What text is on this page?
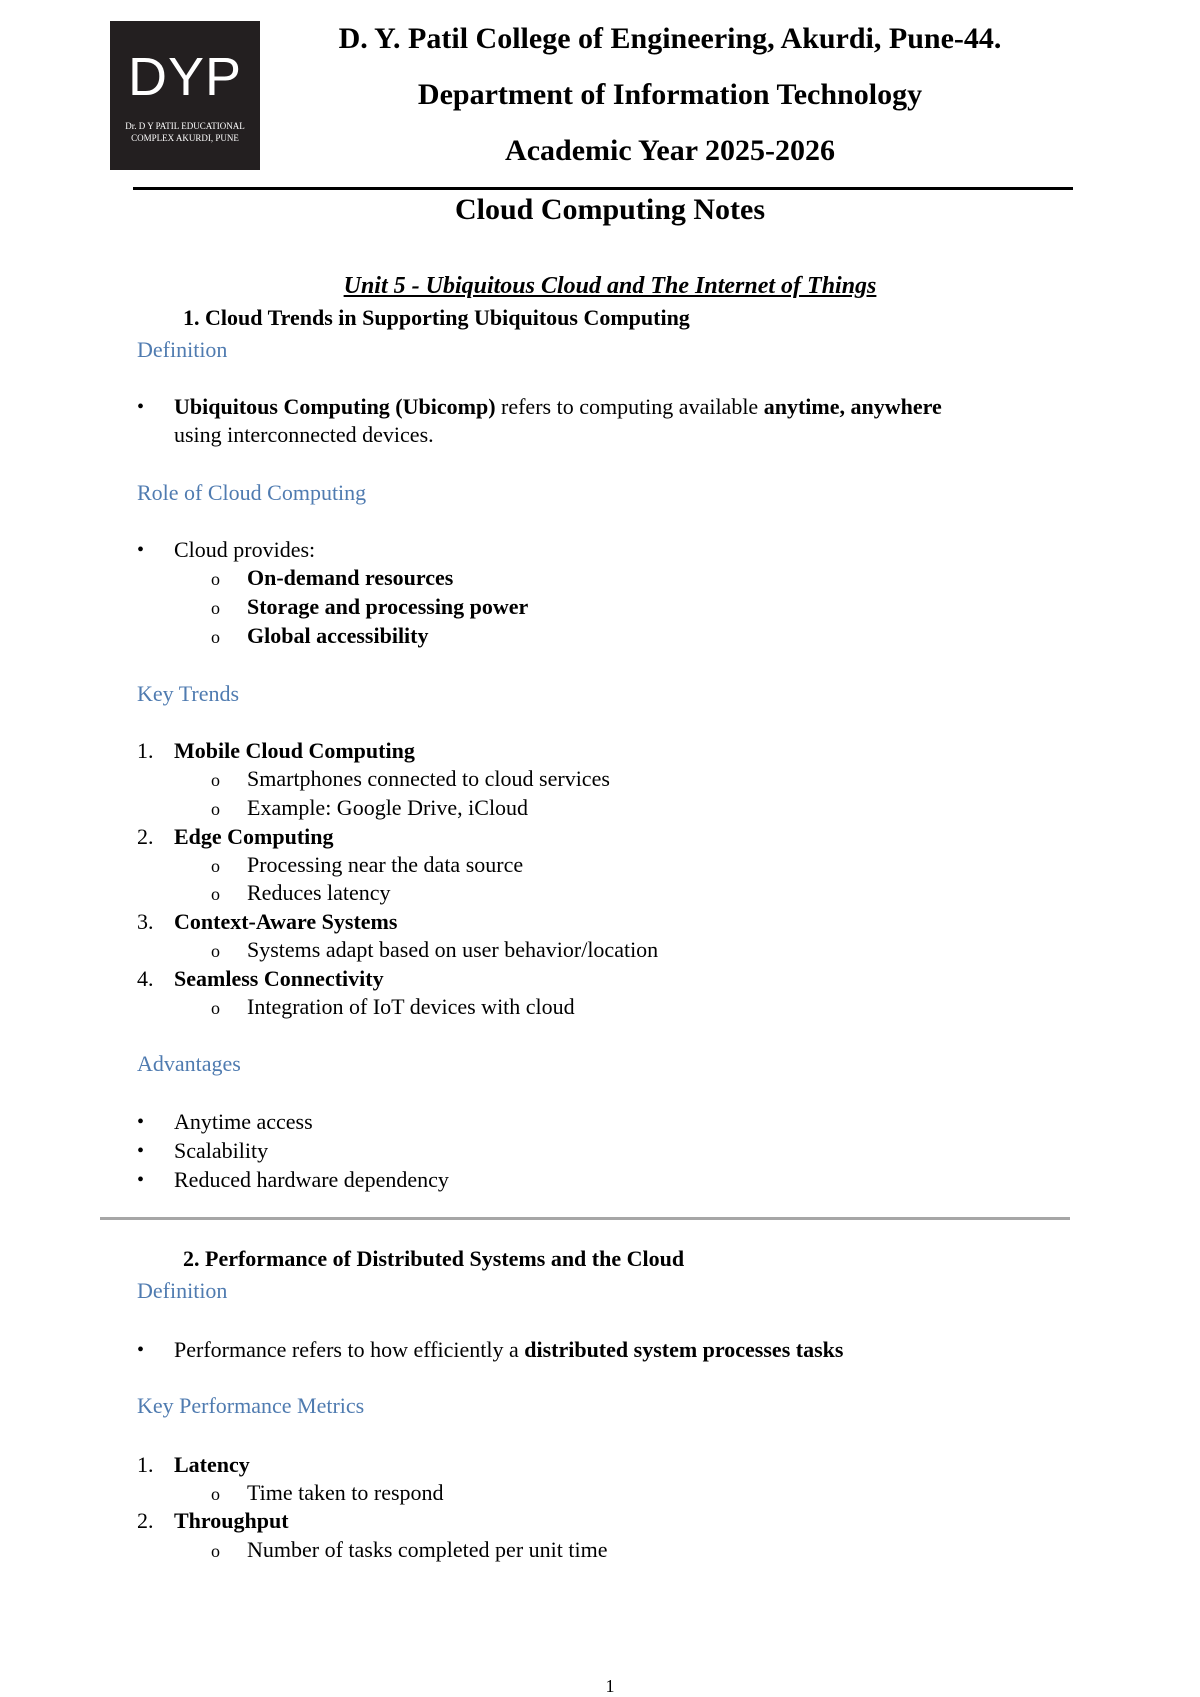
DYP
Dr. D Y PATIL EDUCATIONAL COMPLEX AKURDI, PUNE
D. Y. Patil College of Engineering, Akurdi, Pune-44.
Department of Information Technology
Academic Year 2025-2026
Cloud Computing Notes
Unit 5 - Ubiquitous Cloud and The Internet of Things
1. Cloud Trends in Supporting Ubiquitous Computing
Definition
• Ubiquitous Computing (Ubicomp) refers to computing available anytime, anywhere
using interconnected devices.
Role of Cloud Computing
• Cloud provides:
o On-demand resources
o Storage and processing power
o Global accessibility
Key Trends
1. Mobile Cloud Computing
o Smartphones connected to cloud services
o Example: Google Drive, iCloud
2. Edge Computing
o Processing near the data source
o Reduces latency
3. Context-Aware Systems
o Systems adapt based on user behavior/location
4. Seamless Connectivity
o Integration of IoT devices with cloud
Advantages
• Anytime access
• Scalability
• Reduced hardware dependency
2. Performance of Distributed Systems and the Cloud
Definition
• Performance refers to how efficiently a distributed system processes tasks
Key Performance Metrics
1. Latency
o Time taken to respond
2. Throughput
o Number of tasks completed per unit time
1
